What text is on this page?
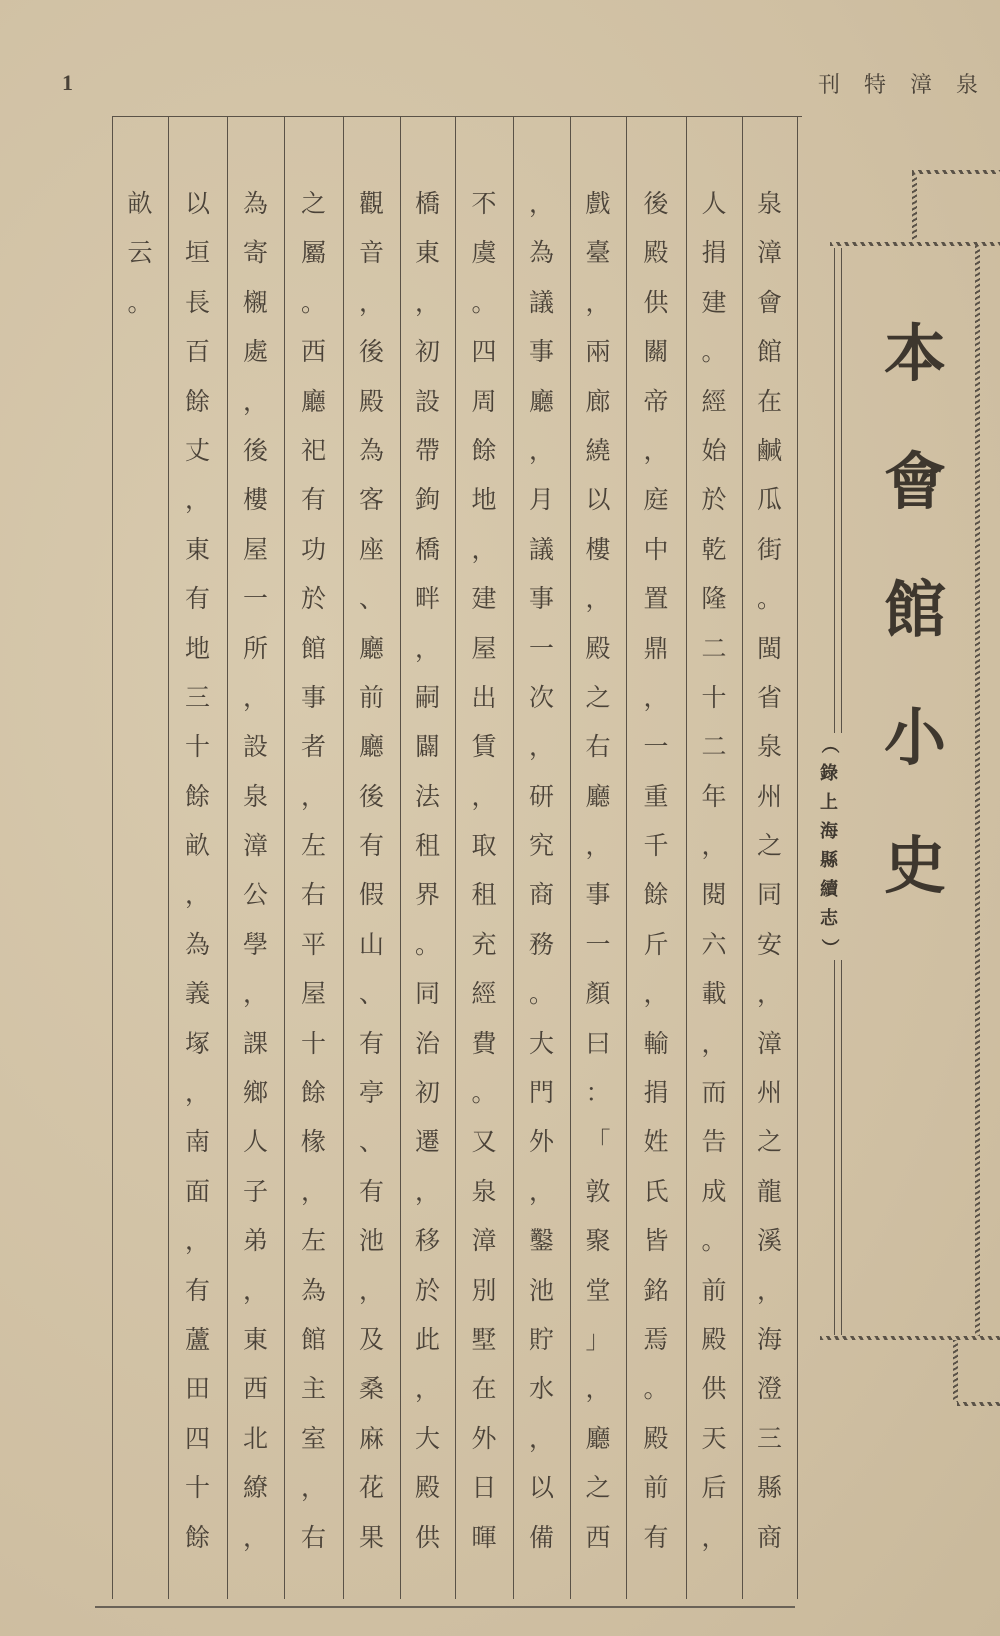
1	泉
漳
特
刊
泉
漳
會
館
在
鹹
瓜
街
。
閩
省
泉
州
之
同
安
，
漳
州
之
龍
溪
，
海
澄
三
縣
商
人
捐
建
。
經
始
於
乾
隆
二
十
二
年
，
閱
六
載
，
而
告
成
。
前
殿
供
天
后
，
後
殿
供
關
帝
，
庭
中
置
鼎
，
一
重
千
餘
斤
，
輸
捐
姓
氏
皆
銘
焉
。
殿
前
有
戲
臺
，
兩
廊
繞
以
樓
，
殿
之
右
廳
，
事
一
顏
曰
：
「
敦
聚
堂
」
，
廳
之
西
，
為
議
事
廳
，
月
議
事
一
次
，
研
究
商
務
。
大
門
外
，
鑿
池
貯
水
，
以
備
不
虞
。
四
周
餘
地
，
建
屋
出
賃
，
取
租
充
經
費
。
又
泉
漳
別
墅
在
外
日
暉
橋
東
，
初
設
帶
鉤
橋
畔
，
嗣
闢
法
租
界
。
同
治
初
遷
，
移
於
此
，
大
殿
供
觀
音
，
後
殿
為
客
座
、
廳
前
廳
後
有
假
山
、
有
亭
、
有
池
，
及
桑
麻
花
果
之
屬
。
西
廳
祀
有
功
於
館
事
者
，
左
右
平
屋
十
餘
椽
，
左
為
館
主
室
，
右
為
寄
櫬
處
，
後
樓
屋
一
所
，
設
泉
漳
公
學
，
課
鄉
人
子
弟
，
東
西
北
繚
，
以
垣
長
百
餘
丈
，
東
有
地
三
十
餘
畝
，
為
義
塚
，
南
面
，
有
蘆
田
四
十
餘
畝
云
。
本
會
館
小
史
（
錄
上
海
縣
續
志
）
